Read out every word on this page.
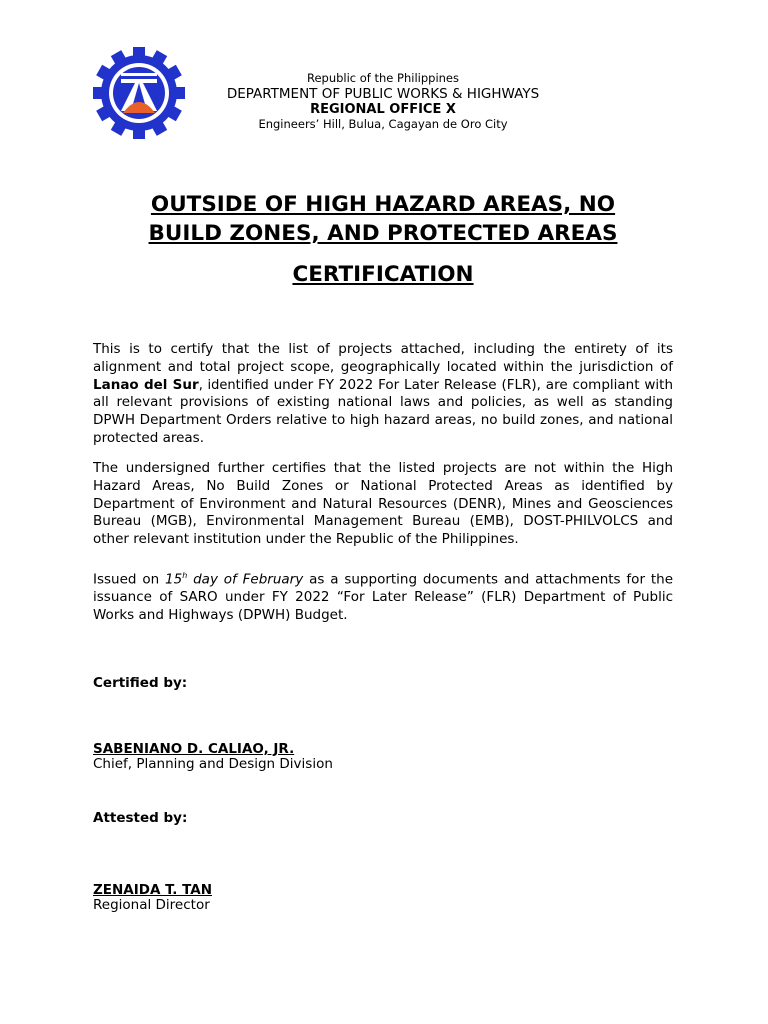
Republic of the Philippines
DEPARTMENT OF PUBLIC WORKS & HIGHWAYS
REGIONAL OFFICE X
Engineers’ Hill, Bulua, Cagayan de Oro City
OUTSIDE OF HIGH HAZARD AREAS, NO
BUILD ZONES, AND PROTECTED AREAS
CERTIFICATION
This is to certify that the list of projects attached, including the entirety of its alignment and total project scope, geographically located within the jurisdiction of Lanao del Sur, identified under FY 2022 For Later Release (FLR), are compliant with all relevant provisions of existing national laws and policies, as well as standing DPWH Department Orders relative to high hazard areas, no build zones, and national protected areas.
The undersigned further certifies that the listed projects are not within the High Hazard Areas, No Build Zones or National Protected Areas as identified by Department of Environment and Natural Resources (DENR), Mines and Geosciences Bureau (MGB), Environmental Management Bureau (EMB), DOST-PHILVOLCS and other relevant institution under the Republic of the Philippines.
Issued on 15$^h$ day of February as a supporting documents and attachments for the issuance of SARO under FY 2022 “For Later Release” (FLR) Department of Public Works and Highways (DPWH) Budget.
Certified by:
SABENIANO D. CALIAO, JR.
Chief, Planning and Design Division
Attested by:
ZENAIDA T. TAN
Regional Director
